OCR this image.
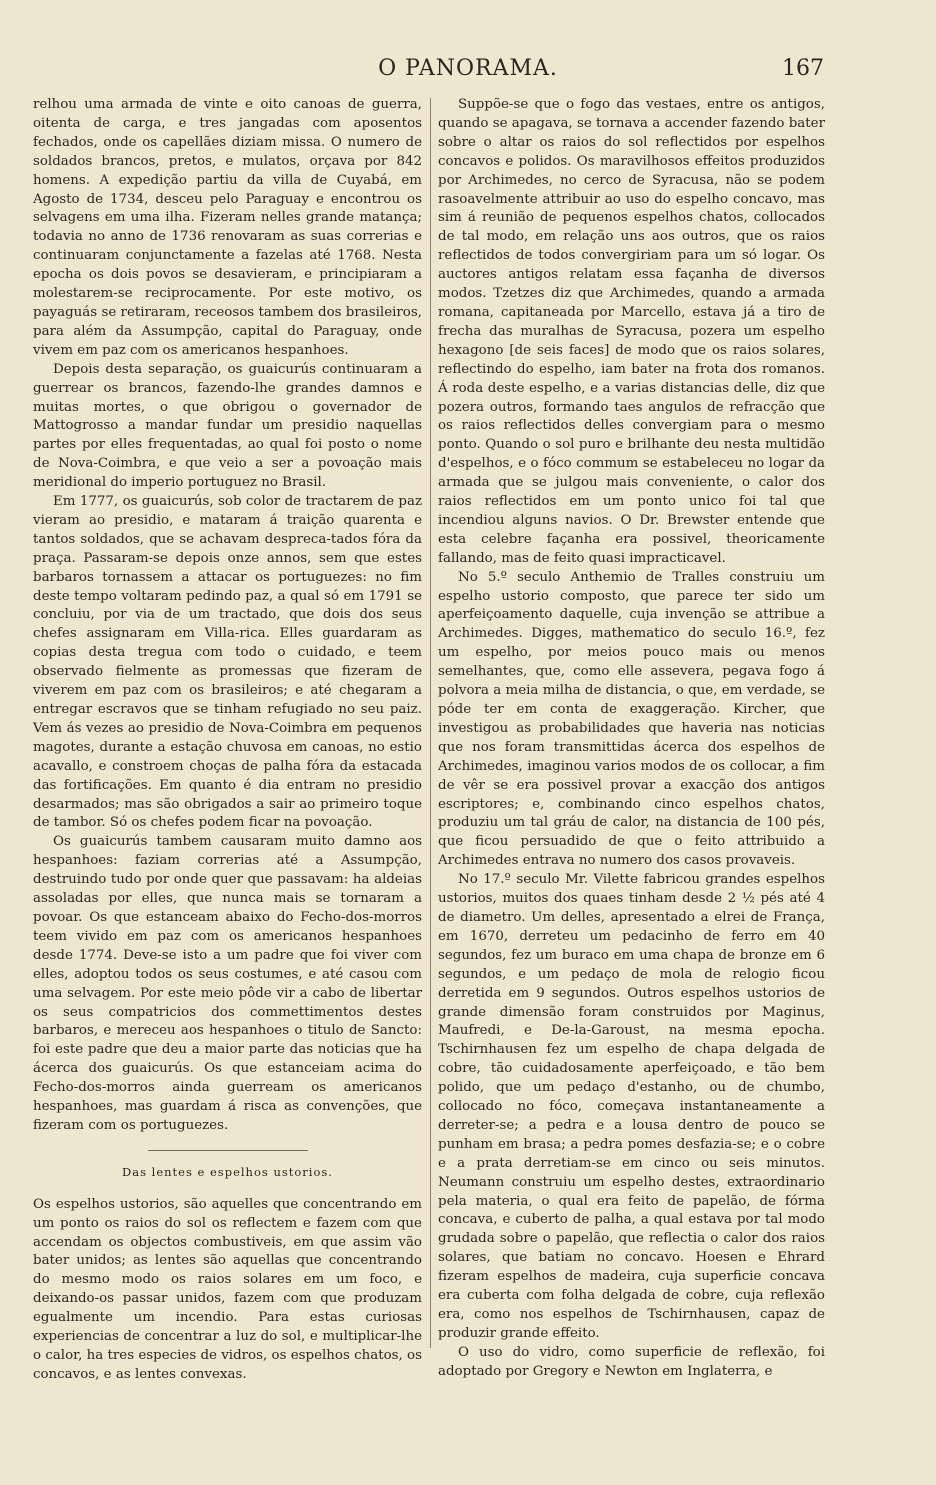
O PANORAMA.	167

relhou uma armada de vinte e oito canoas de guerra, oitenta de carga, e tres jangadas com aposentos fechados, onde os capellães diziam missa. O numero de soldados brancos, pretos, e mulatos, orçava por 842 homens. A expedição partiu da villa de Cuyabá, em Agosto de 1734, desceu pelo Paraguay e encontrou os selvagens em uma ilha. Fizeram nelles grande matança; todavia no anno de 1736 renovaram as suas correrias e continuaram conjunctamente a fazelas até 1768. Nesta epocha os dois povos se desavieram, e principiaram a molestarem-se reciprocamente. Por este motivo, os payaguás se retiraram, receosos tambem dos brasileiros, para além da Assumpção, capital do Paraguay, onde vivem em paz com os americanos hespanhoes.

Depois desta separação, os guaicurús continuaram a guerrear os brancos, fazendo-lhe grandes damnos e muitas mortes, o que obrigou o governador de Mattogrosso a mandar fundar um presidio naquellas partes por elles frequentadas, ao qual foi posto o nome de Nova-Coimbra, e que veio a ser a povoação mais meridional do imperio portuguez no Brasil.

Em 1777, os guaicurús, sob color de tractarem de paz vieram ao presidio, e mataram á traição quarenta e tantos soldados, que se achavam despreca-tados fóra da praça. Passaram-se depois onze annos, sem que estes barbaros tornassem a attacar os portuguezes: no fim deste tempo voltaram pedindo paz, a qual só em 1791 se concluiu, por via de um tractado, que dois dos seus chefes assignaram em Villa-rica. Elles guardaram as copias desta tregua com todo o cuidado, e teem observado fielmente as promessas que fizeram de viverem em paz com os brasileiros; e até chegaram a entregar escravos que se tinham refugiado no seu paiz. Vem ás vezes ao presidio de Nova-Coimbra em pequenos magotes, durante a estação chuvosa em canoas, no estio acavallo, e constroem choças de palha fóra da estacada das fortificações. Em quanto é dia entram no presidio desarmados; mas são obrigados a sair ao primeiro toque de tambor. Só os chefes podem ficar na povoação.

Os guaicurús tambem causaram muito damno aos hespanhoes: faziam correrias até a Assumpção, destruindo tudo por onde quer que passavam: ha aldeias assoladas por elles, que nunca mais se tornaram a povoar. Os que estanceam abaixo do Fecho-dos-morros teem vivido em paz com os americanos hespanhoes desde 1774. Deve-se isto a um padre que foi viver com elles, adoptou todos os seus costumes, e até casou com uma selvagem. Por este meio pôde vir a cabo de libertar os seus compatricios dos commettimentos destes barbaros, e mereceu aos hespanhoes o titulo de Sancto: foi este padre que deu a maior parte das noticias que ha ácerca dos guaicurús. Os que estanceiam acima do Fecho-dos-morros ainda guerream os americanos hespanhoes, mas guardam á risca as convenções, que fizeram com os portuguezes.

Das lentes e espelhos ustorios.

Os espelhos ustorios, são aquelles que concentrando em um ponto os raios do sol os reflectem e fazem com que accendam os objectos combustiveis, em que assim vão bater unidos; as lentes são aquellas que concentrando do mesmo modo os raios solares em um foco, e deixando-os passar unidos, fazem com que produzam egualmente um incendio. Para estas curiosas experiencias de concentrar a luz do sol, e multiplicar-lhe o calor, ha tres especies de vidros, os espelhos chatos, os concavos, e as lentes convexas.

Suppõe-se que o fogo das vestaes, entre os antigos, quando se apagava, se tornava a accender fazendo bater sobre o altar os raios do sol reflectidos por espelhos concavos e polidos. Os maravilhosos effeitos produzidos por Archimedes, no cerco de Syracusa, não se podem rasoavelmente attribuir ao uso do espelho concavo, mas sim á reunião de pequenos espelhos chatos, collocados de tal modo, em relação uns aos outros, que os raios reflectidos de todos convergiriam para um só logar. Os auctores antigos relatam essa façanha de diversos modos. Tzetzes diz que Archimedes, quando a armada romana, capitaneada por Marcello, estava já a tiro de frecha das muralhas de Syracusa, pozera um espelho hexagono [de seis faces] de modo que os raios solares, reflectindo do espelho, iam bater na frota dos romanos. Á roda deste espelho, e a varias distancias delle, diz que pozera outros, formando taes angulos de refracção que os raios reflectidos delles convergiam para o mesmo ponto. Quando o sol puro e brilhante deu nesta multidão d'espelhos, e o fóco commum se estabeleceu no logar da armada que se julgou mais conveniente, o calor dos raios reflectidos em um ponto unico foi tal que incendiou alguns navios. O Dr. Brewster entende que esta celebre façanha era possivel, theoricamente fallando, mas de feito quasi impracticavel.

No 5.º seculo Anthemio de Tralles construiu um espelho ustorio composto, que parece ter sido um aperfeiçoamento daquelle, cuja invenção se attribue a Archimedes. Digges, mathematico do seculo 16.º, fez um espelho, por meios pouco mais ou menos semelhantes, que, como elle assevera, pegava fogo á polvora a meia milha de distancia, o que, em verdade, se póde ter em conta de exaggeração. Kircher, que investigou as probabilidades que haveria nas noticias que nos foram transmittidas ácerca dos espelhos de Archimedes, imaginou varios modos de os collocar, a fim de vêr se era possivel provar a exacção dos antigos escriptores; e, combinando cinco espelhos chatos, produziu um tal gráu de calor, na distancia de 100 pés, que ficou persuadido de que o feito attribuido a Archimedes entrava no numero dos casos provaveis.

No 17.º seculo Mr. Vilette fabricou grandes espelhos ustorios, muitos dos quaes tinham desde 2 ½ pés até 4 de diametro. Um delles, apresentado a elrei de França, em 1670, derreteu um pedacinho de ferro em 40 segundos, fez um buraco em uma chapa de bronze em 6 segundos, e um pedaço de mola de relogio ficou derretida em 9 segundos. Outros espelhos ustorios de grande dimensão foram construidos por Maginus, Maufredi, e De-la-Garoust, na mesma epocha. Tschirnhausen fez um espelho de chapa delgada de cobre, tão cuidadosamente aperfeiçoado, e tão bem polido, que um pedaço d'estanho, ou de chumbo, collocado no fóco, começava instantaneamente a derreter-se; a pedra e a lousa dentro de pouco se punham em brasa; a pedra pomes desfazia-se; e o cobre e a prata derretiam-se em cinco ou seis minutos. Neumann construiu um espelho destes, extraordinario pela materia, o qual era feito de papelão, de fórma concava, e cuberto de palha, a qual estava por tal modo grudada sobre o papelão, que reflectia o calor dos raios solares, que batiam no concavo. Hoesen e Ehrard fizeram espelhos de madeira, cuja superficie concava era cuberta com folha delgada de cobre, cuja reflexão era, como nos espelhos de Tschirnhausen, capaz de produzir grande effeito.

O uso do vidro, como superficie de reflexão, foi adoptado por Gregory e Newton em Inglaterra, e
